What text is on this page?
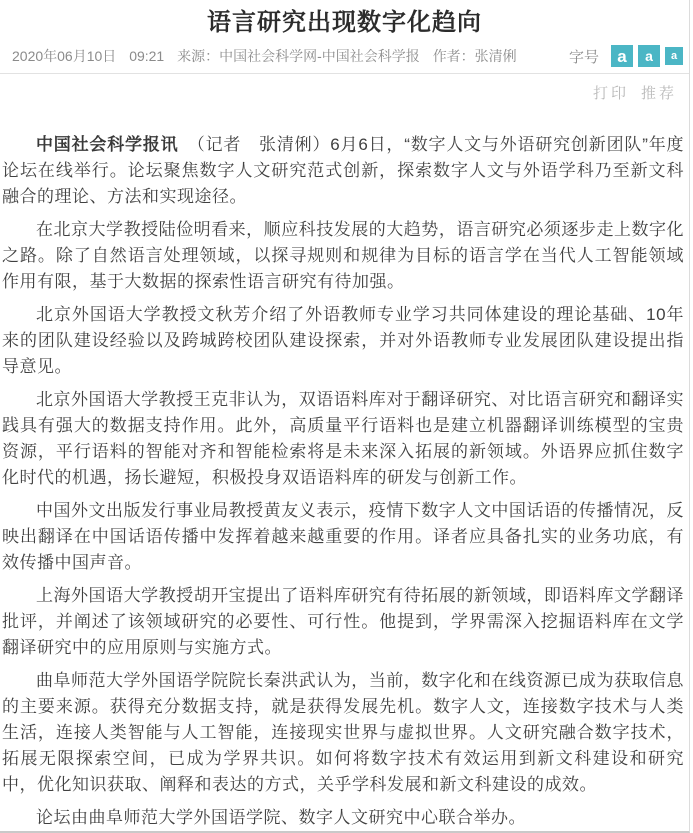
语言研究出现数字化趋向
2020年06月10日 09:21 来源：中国社会科学网-中国社会科学报 作者：张清俐	字号	a	a	a
打印 推荐

中国社会科学报讯　（记者　张清俐）6月6日，“数字人文与外语研究创新团队”年度论坛在线举行。论坛聚焦数字人文研究范式创新，探索数字人文与外语学科乃至新文科融合的理论、方法和实现途径。

在北京大学教授陆俭明看来，顺应科技发展的大趋势，语言研究必须逐步走上数字化之路。除了自然语言处理领域，以探寻规则和规律为目标的语言学在当代人工智能领域作用有限，基于大数据的探索性语言研究有待加强。

北京外国语大学教授文秋芳介绍了外语教师专业学习共同体建设的理论基础、10年来的团队建设经验以及跨城跨校团队建设探索，并对外语教师专业发展团队建设提出指导意见。

北京外国语大学教授王克非认为，双语语料库对于翻译研究、对比语言研究和翻译实践具有强大的数据支持作用。此外，高质量平行语料也是建立机器翻译训练模型的宝贵资源，平行语料的智能对齐和智能检索将是未来深入拓展的新领域。外语界应抓住数字化时代的机遇，扬长避短，积极投身双语语料库的研发与创新工作。

中国外文出版发行事业局教授黄友义表示，疫情下数字人文中国话语的传播情况，反映出翻译在中国话语传播中发挥着越来越重要的作用。译者应具备扎实的业务功底，有效传播中国声音。

上海外国语大学教授胡开宝提出了语料库研究有待拓展的新领域，即语料库文学翻译批评，并阐述了该领域研究的必要性、可行性。他提到，学界需深入挖掘语料库在文学翻译研究中的应用原则与实施方式。

曲阜师范大学外国语学院院长秦洪武认为，当前，数字化和在线资源已成为获取信息的主要来源。获得充分数据支持，就是获得发展先机。数字人文，连接数字技术与人类生活，连接人类智能与人工智能，连接现实世界与虚拟世界。人文研究融合数字技术，拓展无限探索空间，已成为学界共识。如何将数字技术有效运用到新文科建设和研究中，优化知识获取、阐释和表达的方式，关乎学科发展和新文科建设的成效。

论坛由曲阜师范大学外国语学院、数字人文研究中心联合举办。
